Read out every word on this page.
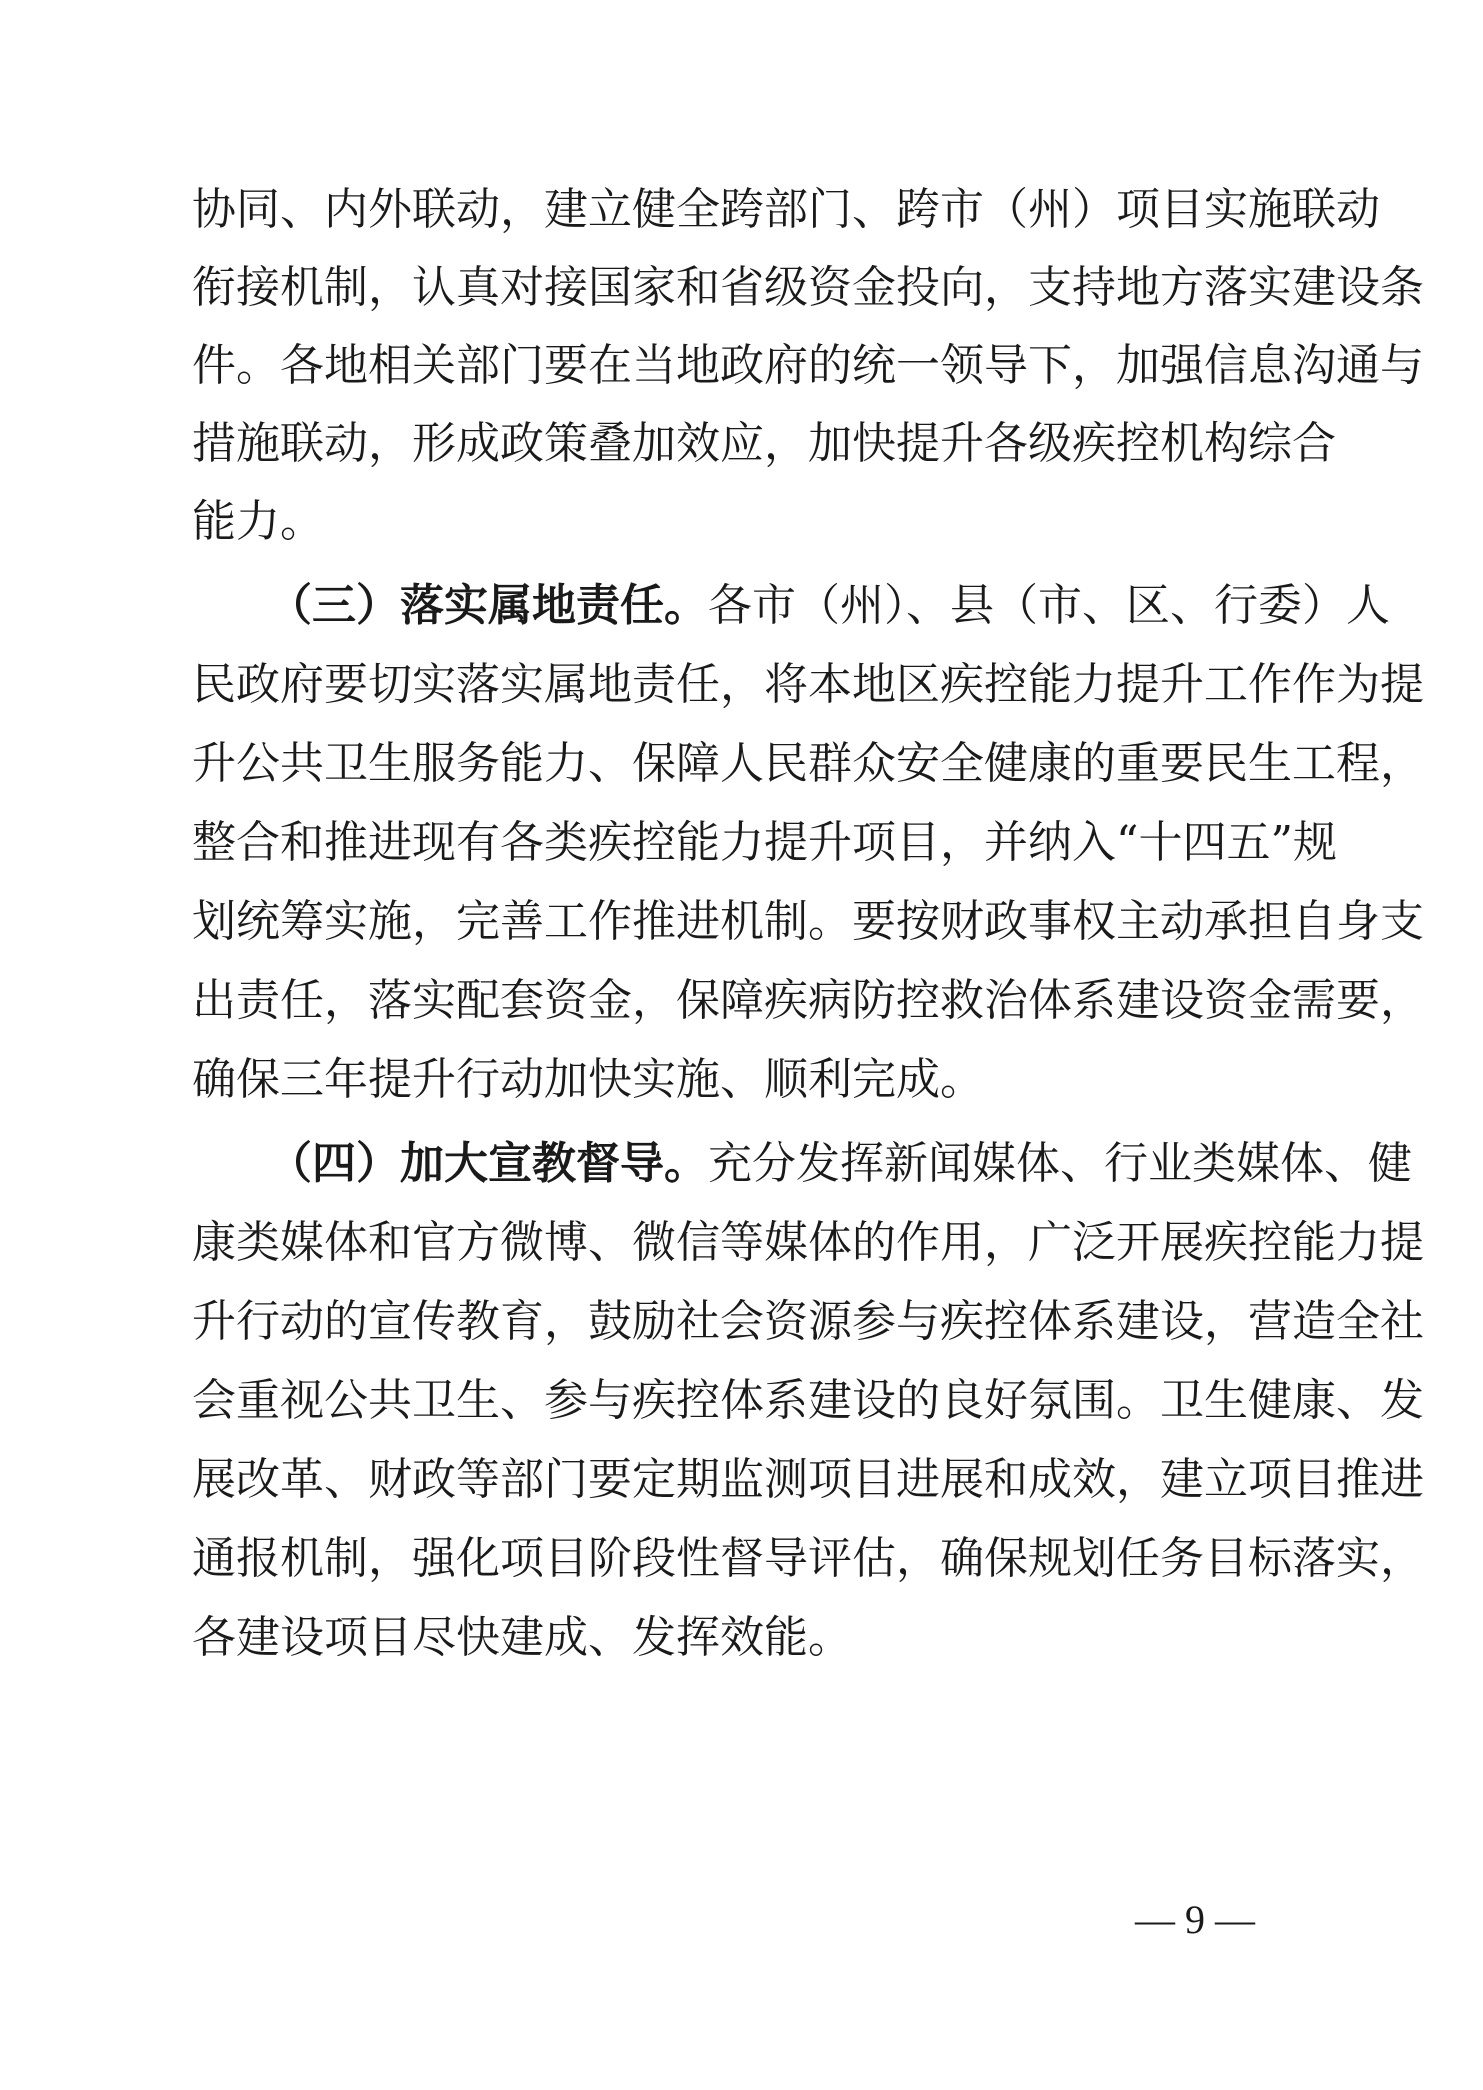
协同、内外联动，建立健全跨部门、跨市（州）项目实施联动
衔接机制，认真对接国家和省级资金投向，支持地方落实建设条
件。各地相关部门要在当地政府的统一领导下，加强信息沟通与
措施联动，形成政策叠加效应，加快提升各级疾控机构综合
能力。
（三）落实属地责任。各市（州）、县（市、区、行委）人
民政府要切实落实属地责任，将本地区疾控能力提升工作作为提
升公共卫生服务能力、保障人民群众安全健康的重要民生工程，
整合和推进现有各类疾控能力提升项目，并纳入“十四五”规
划统筹实施，完善工作推进机制。要按财政事权主动承担自身支
出责任，落实配套资金，保障疾病防控救治体系建设资金需要，
确保三年提升行动加快实施、顺利完成。
（四）加大宣教督导。充分发挥新闻媒体、行业类媒体、健
康类媒体和官方微博、微信等媒体的作用，广泛开展疾控能力提
升行动的宣传教育，鼓励社会资源参与疾控体系建设，营造全社
会重视公共卫生、参与疾控体系建设的良好氛围。卫生健康、发
展改革、财政等部门要定期监测项目进展和成效，建立项目推进
通报机制，强化项目阶段性督导评估，确保规划任务目标落实，
各建设项目尽快建成、发挥效能。
— 9 —
